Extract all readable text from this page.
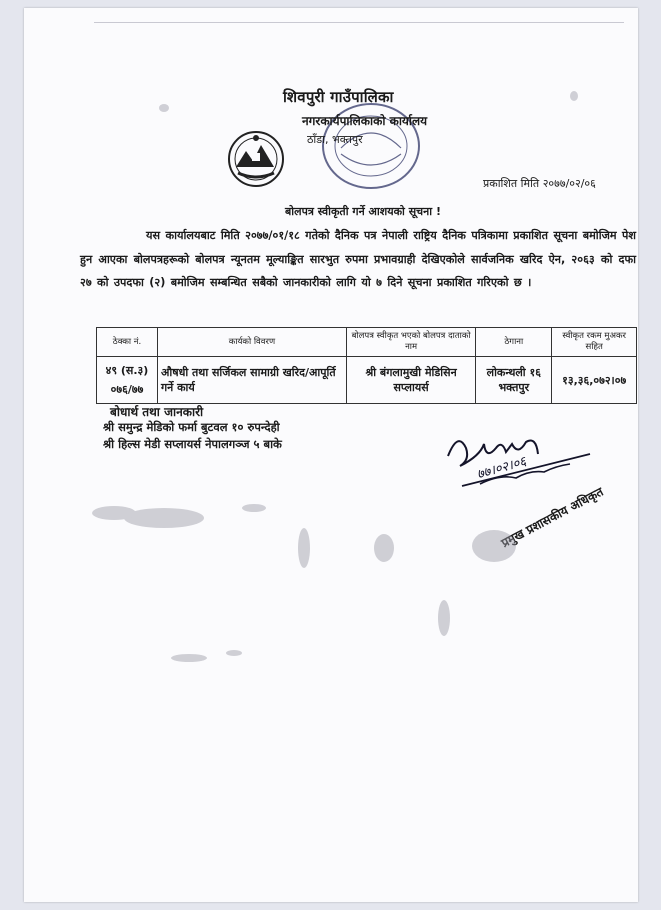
शिवपुरी गाउँपालिका
नगरकार्यपालिकाको कार्यालय
ठाँडा, भक्तपुर
प्रकाशित मिति २०७७/०२/०६
बोलपत्र स्वीकृती गर्ने आशयको सूचना !
यस कार्यालयबाट मिति २०७७/०१/१८ गतेको दैनिक पत्र नेपाली राष्ट्रिय दैनिक पत्रिकामा प्रकाशित सूचना बमोजिम पेश हुन आएका बोलपत्रहरूको बोलपत्र न्यूनतम मूल्याङ्कित सारभुत रुपमा प्रभावग्राही देखिएकोले सार्वजनिक खरिद ऐन, २०६३ को दफा २७ को उपदफा (२) बमोजिम सम्बन्धित सबैको जानकारीको लागि यो ७ दिने सूचना प्रकाशित गरिएको छ ।
ठेक्का नं.	कार्यको विवरण	बोलपत्र स्वीकृत भएको बोलपत्र दाताको नाम	ठेगाना	स्वीकृत रकम मुअकर सहित

४९ (स.३)
०७६/७७	औषधी तथा सर्जिकल सामाग्री खरिद/आपूर्ति गर्ने कार्य	श्री बंगलामुखी मेडिसिन सप्लायर्स	लोकन्थली १६ भक्तपुर	१३,३६,०७२।०७
बोधार्थ तथा जानकारी
श्री समुन्द्र मेडिको फर्मा बुटवल १० रुपन्देही
श्री हिल्स मेडी सप्लायर्स नेपालगञ्ज ५ बाके
७७।०२।०६
प्रमुख प्रशासकीय अधिकृत
